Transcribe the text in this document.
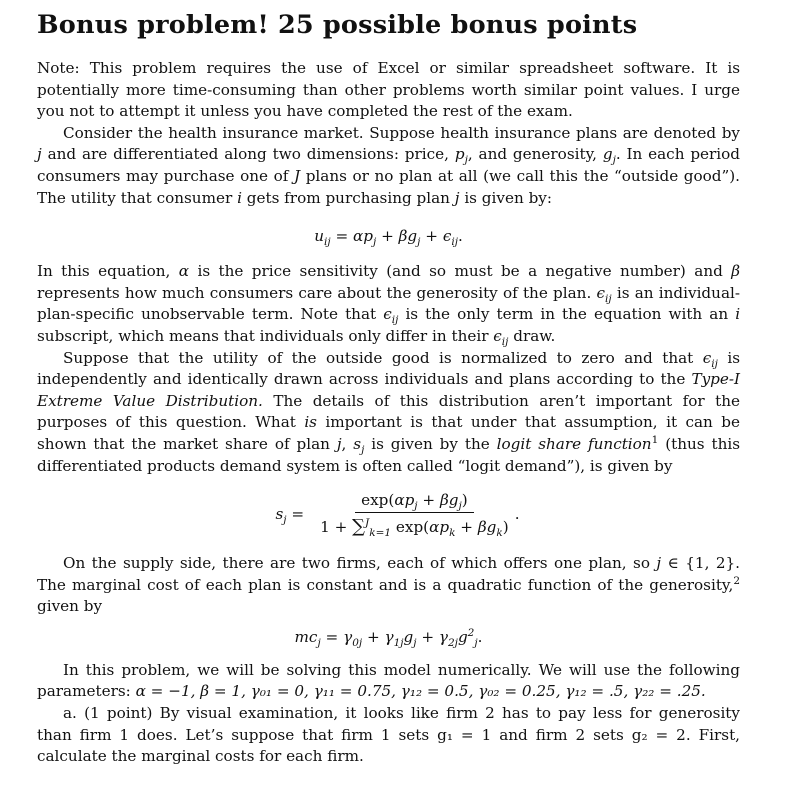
Bonus problem! 25 possible bonus points

Note: This problem requires the use of Excel or similar spreadsheet software. It is potentially more time-consuming than other problems worth similar point values. I urge you not to attempt it unless you have completed the rest of the exam.

Consider the health insurance market. Suppose health insurance plans are denoted by j and are differentiated along two dimensions: price, $p_j$, and generosity, $g_j$. In each period consumers may purchase one of J plans or no plan at all (we call this the “outside good”). The utility that consumer i gets from purchasing plan j is given by:

$u_{ij} = \alpha p_j + \beta g_j + \epsilon_{ij}$.

In this equation, α is the price sensitivity (and so must be a negative number) and β represents how much consumers care about the generosity of the plan. $\epsilon_{ij}$ is an individual-plan-specific unobservable term. Note that $\epsilon_{ij}$ is the only term in the equation with an i subscript, which means that individuals only differ in their $\epsilon_{ij}$ draw.

Suppose that the utility of the outside good is normalized to zero and that $\epsilon_{ij}$ is independently and identically drawn across individuals and plans according to the Type-I Extreme Value Distribution. The details of this distribution aren’t important for the purposes of this question. What is important is that under that assumption, it can be shown that the market share of plan j, $s_j$ is given by the logit share function$^1$ (thus this differentiated products demand system is often called “logit demand”), is given by

$s_j = \frac{\exp(\alpha p_j + \beta g_j)}{1 + \sum^J_{k=1} \exp(\alpha p_k + \beta g_k)}$ .

On the supply side, there are two firms, each of which offers one plan, so j ∈ {1, 2}. The marginal cost of each plan is constant and is a quadratic function of the generosity,$^2$ given by

$mc_j = \gamma_{0j} + \gamma_{1j}g_j + \gamma_{2j}g^2_j$.

In this problem, we will be solving this model numerically. We will use the following parameters: α = −1, β = 1, γ₀₁ = 0, γ₁₁ = 0.75, γ₁₂ = 0.5, γ₀₂ = 0.25, γ₁₂ = .5, γ₂₂ = .25.

a. (1 point) By visual examination, it looks like firm 2 has to pay less for generosity than firm 1 does. Let’s suppose that firm 1 sets g₁ = 1 and firm 2 sets g₂ = 2. First, calculate the marginal costs for each firm.
